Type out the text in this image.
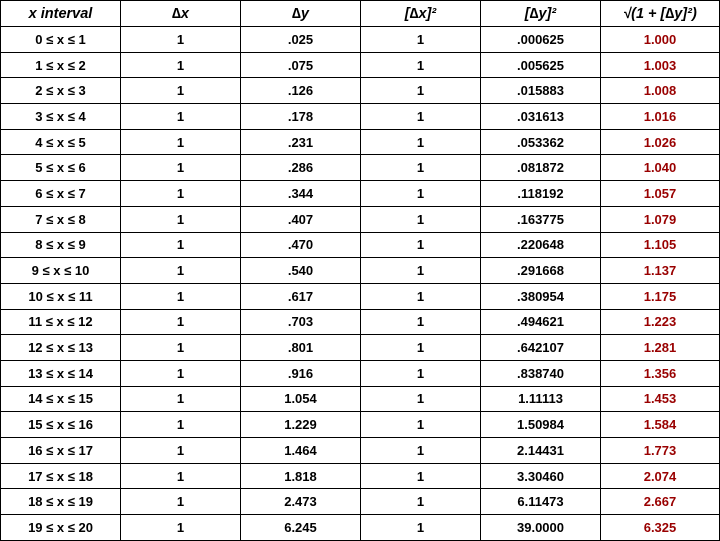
x interval	∆x	∆y	[∆x]²	[∆y]²	√(1 + [∆y]²)
0 ≤ x ≤ 1	1	.025	1	.000625	1.000
1 ≤ x ≤ 2	1	.075	1	.005625	1.003
2 ≤ x ≤ 3	1	.126	1	.015883	1.008
3 ≤ x ≤ 4	1	.178	1	.031613	1.016
4 ≤ x ≤ 5	1	.231	1	.053362	1.026
5 ≤ x ≤ 6	1	.286	1	.081872	1.040
6 ≤ x ≤ 7	1	.344	1	.118192	1.057
7 ≤ x ≤ 8	1	.407	1	.163775	1.079
8 ≤ x ≤ 9	1	.470	1	.220648	1.105
9 ≤ x ≤ 10	1	.540	1	.291668	1.137
10 ≤ x ≤ 11	1	.617	1	.380954	1.175
11 ≤ x ≤ 12	1	.703	1	.494621	1.223
12 ≤ x ≤ 13	1	.801	1	.642107	1.281
13 ≤ x ≤ 14	1	.916	1	.838740	1.356
14 ≤ x ≤ 15	1	1.054	1	1.11113	1.453
15 ≤ x ≤ 16	1	1.229	1	1.50984	1.584
16 ≤ x ≤ 17	1	1.464	1	2.14431	1.773
17 ≤ x ≤ 18	1	1.818	1	3.30460	2.074
18 ≤ x ≤ 19	1	2.473	1	6.11473	2.667
19 ≤ x ≤ 20	1	6.245	1	39.0000	6.325
